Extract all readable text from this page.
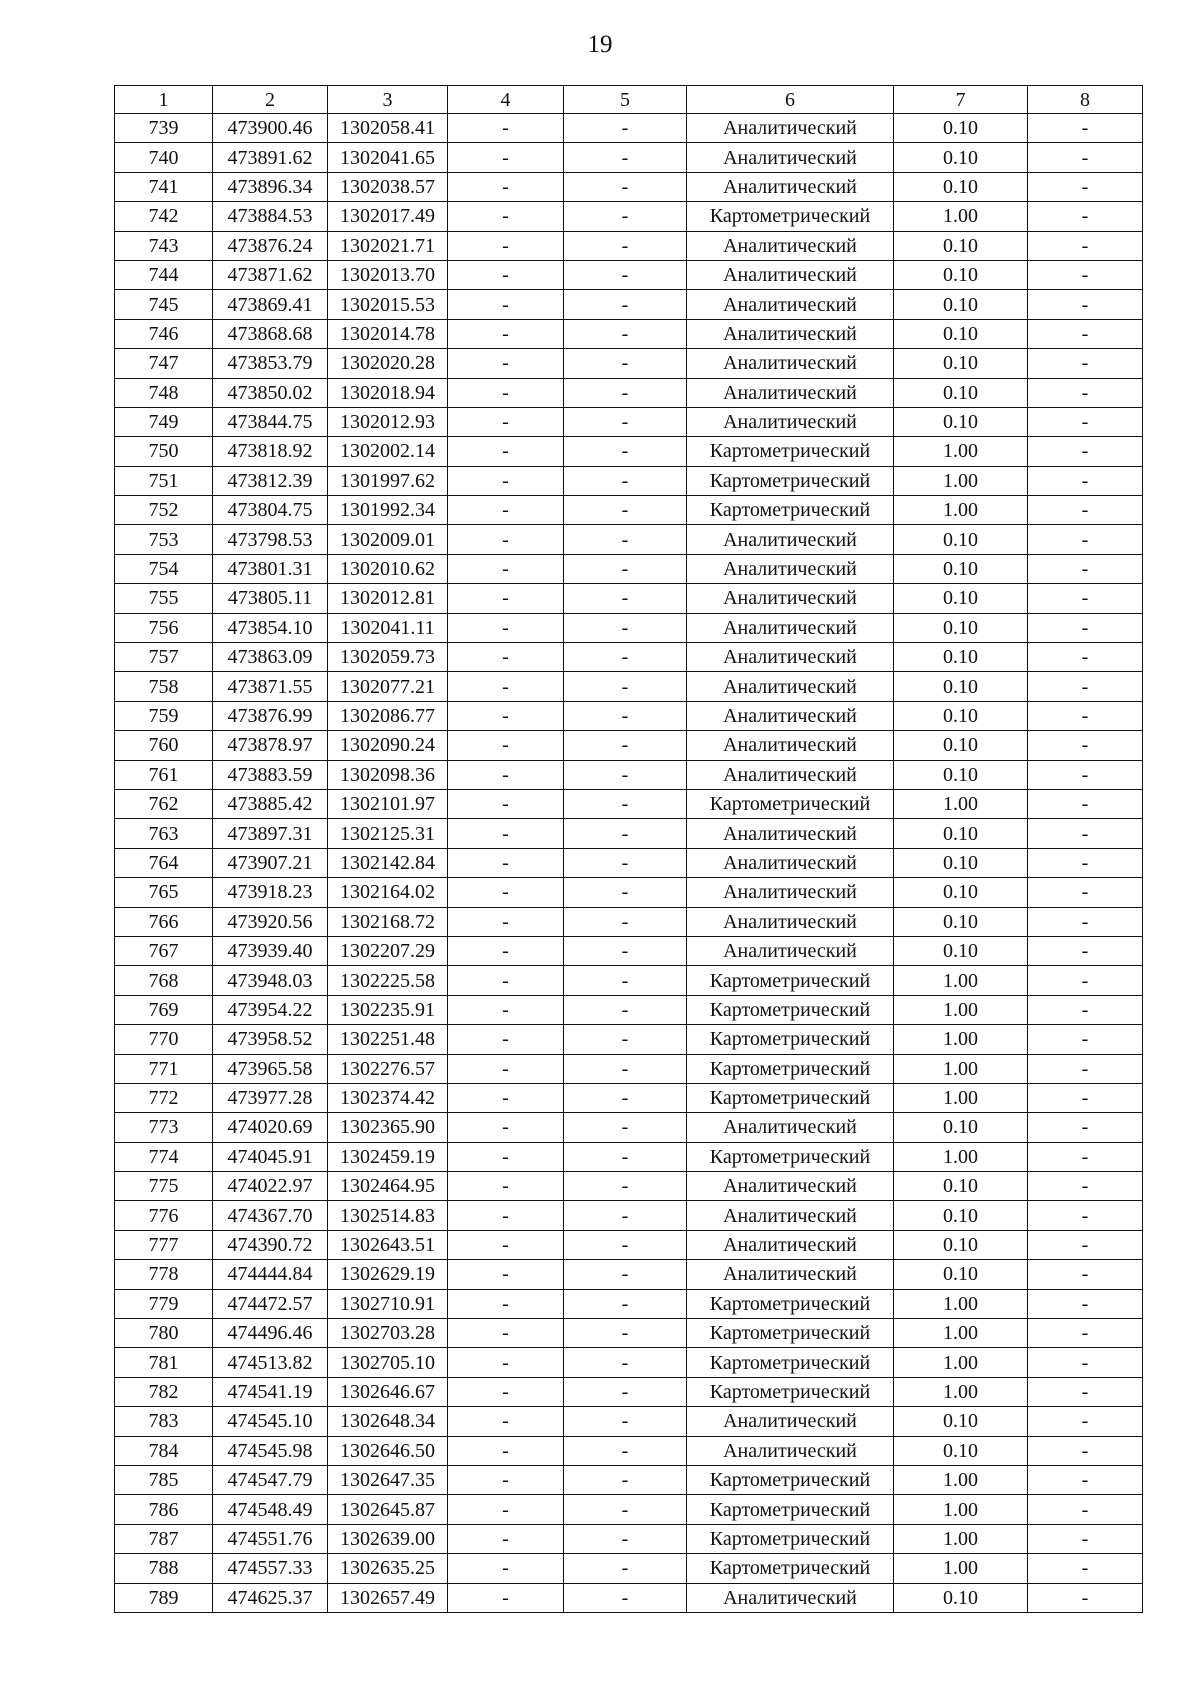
19
1	2	3	4	5	6	7	8
739	473900.46	1302058.41	-	-	Аналитический	0.10	-
740	473891.62	1302041.65	-	-	Аналитический	0.10	-
741	473896.34	1302038.57	-	-	Аналитический	0.10	-
742	473884.53	1302017.49	-	-	Картометрический	1.00	-
743	473876.24	1302021.71	-	-	Аналитический	0.10	-
744	473871.62	1302013.70	-	-	Аналитический	0.10	-
745	473869.41	1302015.53	-	-	Аналитический	0.10	-
746	473868.68	1302014.78	-	-	Аналитический	0.10	-
747	473853.79	1302020.28	-	-	Аналитический	0.10	-
748	473850.02	1302018.94	-	-	Аналитический	0.10	-
749	473844.75	1302012.93	-	-	Аналитический	0.10	-
750	473818.92	1302002.14	-	-	Картометрический	1.00	-
751	473812.39	1301997.62	-	-	Картометрический	1.00	-
752	473804.75	1301992.34	-	-	Картометрический	1.00	-
753	473798.53	1302009.01	-	-	Аналитический	0.10	-
754	473801.31	1302010.62	-	-	Аналитический	0.10	-
755	473805.11	1302012.81	-	-	Аналитический	0.10	-
756	473854.10	1302041.11	-	-	Аналитический	0.10	-
757	473863.09	1302059.73	-	-	Аналитический	0.10	-
758	473871.55	1302077.21	-	-	Аналитический	0.10	-
759	473876.99	1302086.77	-	-	Аналитический	0.10	-
760	473878.97	1302090.24	-	-	Аналитический	0.10	-
761	473883.59	1302098.36	-	-	Аналитический	0.10	-
762	473885.42	1302101.97	-	-	Картометрический	1.00	-
763	473897.31	1302125.31	-	-	Аналитический	0.10	-
764	473907.21	1302142.84	-	-	Аналитический	0.10	-
765	473918.23	1302164.02	-	-	Аналитический	0.10	-
766	473920.56	1302168.72	-	-	Аналитический	0.10	-
767	473939.40	1302207.29	-	-	Аналитический	0.10	-
768	473948.03	1302225.58	-	-	Картометрический	1.00	-
769	473954.22	1302235.91	-	-	Картометрический	1.00	-
770	473958.52	1302251.48	-	-	Картометрический	1.00	-
771	473965.58	1302276.57	-	-	Картометрический	1.00	-
772	473977.28	1302374.42	-	-	Картометрический	1.00	-
773	474020.69	1302365.90	-	-	Аналитический	0.10	-
774	474045.91	1302459.19	-	-	Картометрический	1.00	-
775	474022.97	1302464.95	-	-	Аналитический	0.10	-
776	474367.70	1302514.83	-	-	Аналитический	0.10	-
777	474390.72	1302643.51	-	-	Аналитический	0.10	-
778	474444.84	1302629.19	-	-	Аналитический	0.10	-
779	474472.57	1302710.91	-	-	Картометрический	1.00	-
780	474496.46	1302703.28	-	-	Картометрический	1.00	-
781	474513.82	1302705.10	-	-	Картометрический	1.00	-
782	474541.19	1302646.67	-	-	Картометрический	1.00	-
783	474545.10	1302648.34	-	-	Аналитический	0.10	-
784	474545.98	1302646.50	-	-	Аналитический	0.10	-
785	474547.79	1302647.35	-	-	Картометрический	1.00	-
786	474548.49	1302645.87	-	-	Картометрический	1.00	-
787	474551.76	1302639.00	-	-	Картометрический	1.00	-
788	474557.33	1302635.25	-	-	Картометрический	1.00	-
789	474625.37	1302657.49	-	-	Аналитический	0.10	-
